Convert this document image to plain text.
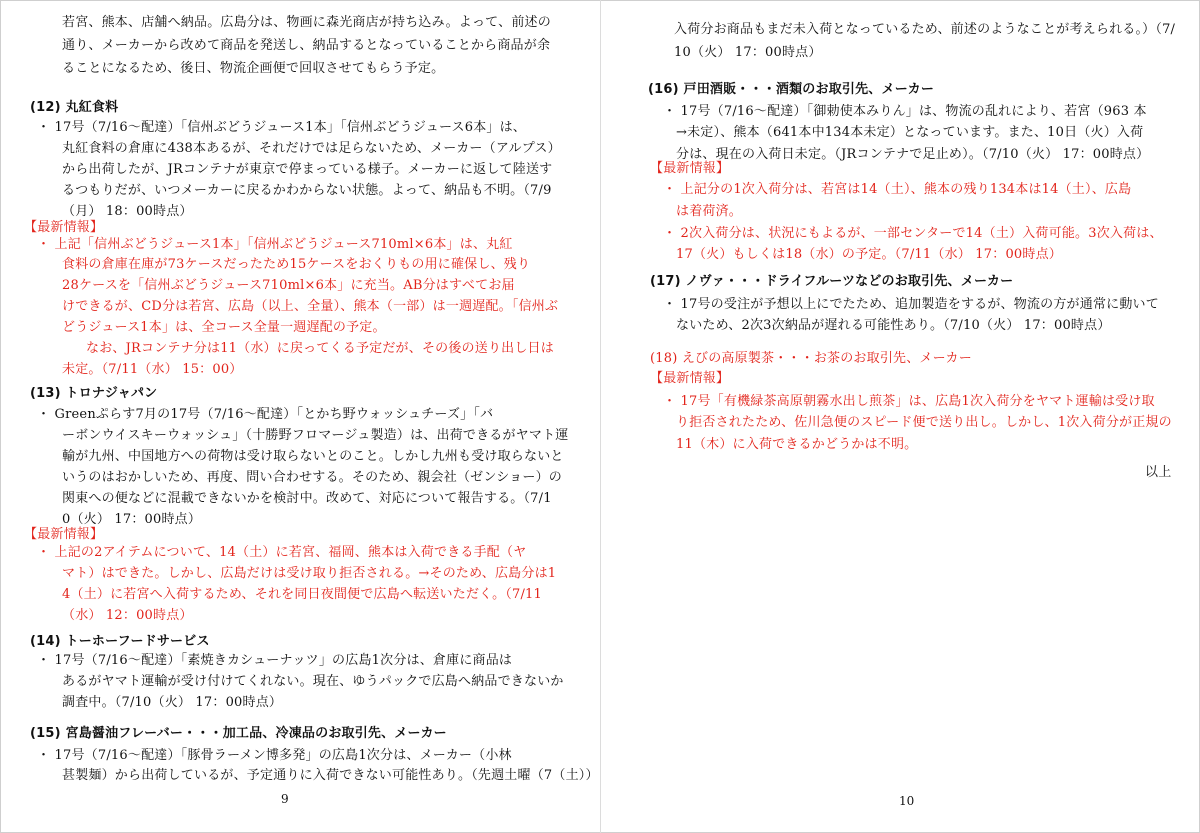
若宮、熊本、店舗へ納品。広島分は、物画に森光商店が持ち込み。よって、前述の
通り、メーカーから改めて商品を発送し、納品するとなっていることから商品が余
ることになるため、後日、物流企画便で回収させてもらう予定。
(12) 丸紅食料
・ 17号（7/16～配達）「信州ぶどうジュース1本」「信州ぶどうジュース6本」は、
丸紅食料の倉庫に438本あるが、それだけでは足らないため、メーカー（アルプス）
から出荷したが、JRコンテナが東京で停まっている様子。メーカーに返して陸送す
るつもりだが、いつメーカーに戻るかわからない状態。よって、納品も不明。（7/9
（月） 18：00時点）
【最新情報】
・ 上記「信州ぶどうジュース1本」「信州ぶどうジュース710ml×6本」は、丸紅
食料の倉庫在庫が73ケースだったため15ケースをおくりもの用に確保し、残り
28ケースを「信州ぶどうジュース710ml×6本」に充当。AB分はすべてお届
けできるが、CD分は若宮、広島（以上、全量）、熊本（一部）は一週遅配。「信州ぶ
どうジュース1本」は、全コース全量一週遅配の予定。
なお、JRコンテナ分は11（水）に戻ってくる予定だが、その後の送り出し日は
未定。（7/11（水） 15：00）
(13) トロナジャパン
・ Greenぷらす7月の17号（7/16～配達）「とかち野ウォッシュチーズ」「バ
ーボンウイスキーウォッシュ」（十勝野フロマージュ製造）は、出荷できるがヤマト運
輸が九州、中国地方への荷物は受け取らないとのこと。しかし九州も受け取らないと
いうのはおかしいため、再度、問い合わせする。そのため、親会社（ゼンショー）の
関東への便などに混載できないかを検討中。改めて、対応について報告する。（7/1
0（火） 17：00時点）
【最新情報】
・ 上記の2アイテムについて、14（土）に若宮、福岡、熊本は入荷できる手配（ヤ
マト）はできた。しかし、広島だけは受け取り拒否される。→そのため、広島分は1
4（土）に若宮へ入荷するため、それを同日夜間便で広島へ転送いただく。（7/11
（水） 12：00時点）
(14) トーホーフードサービス
・ 17号（7/16～配達）「素焼きカシューナッツ」の広島1次分は、倉庫に商品は
あるがヤマト運輸が受け付けてくれない。現在、ゆうパックで広島へ納品できないか
調査中。（7/10（火） 17：00時点）
(15) 宮島醤油フレーバー・・・加工品、冷凍品のお取引先、メーカー
・ 17号（7/16～配達）「豚骨ラーメン博多発」の広島1次分は、メーカー（小林
甚製麺）から出荷しているが、予定通りに入荷できない可能性あり。（先週土曜（7（土））
入荷分お商品もまだ未入荷となっているため、前述のようなことが考えられる。）（7/
10（火） 17：00時点）
(16) 戸田酒販・・・酒類のお取引先、メーカー
・ 17号（7/16～配達）「御勅使本みりん」は、物流の乱れにより、若宮（963 本
→未定）、熊本（641本中134本未定）となっています。また、10日（火）入荷
分は、現在の入荷日未定。（JRコンテナで足止め）。（7/10（火） 17：00時点）
【最新情報】
・ 上記分の1次入荷分は、若宮は14（土）、熊本の残り134本は14（土）、広島
は着荷済。
・ 2次入荷分は、状況にもよるが、一部センターで14（土）入荷可能。3次入荷は、
17（火）もしくは18（水）の予定。（7/11（水） 17：00時点）
(17) ノヴァ・・・ドライフルーツなどのお取引先、メーカー
・ 17号の受注が予想以上にでたため、追加製造をするが、物流の方が通常に動いて
ないため、2次3次納品が遅れる可能性あり。（7/10（火） 17：00時点）
(18) えびの高原製茶・・・お茶のお取引先、メーカー
【最新情報】
・ 17号「有機緑茶高原朝霧水出し煎茶」は、広島1次入荷分をヤマト運輸は受け取
り拒否されたため、佐川急便のスピード便で送り出し。しかし、1次入荷分が正規の
11（木）に入荷できるかどうかは不明。
以上
9	10
